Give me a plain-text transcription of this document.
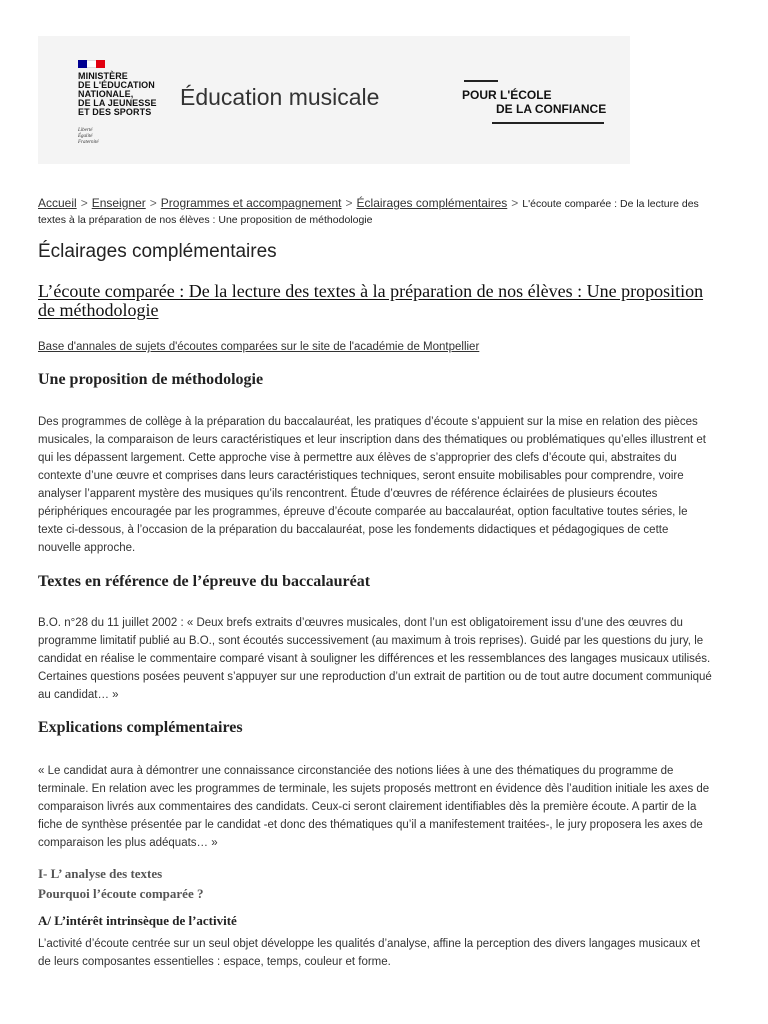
MINISTÈRE
DE L'ÉDUCATION
NATIONALE,
DE LA JEUNESSE
ET DES SPORTS
Liberté
Égalité
Fraternité
Éducation musicale	POUR L'ÉCOLE
DE LA CONFIANCE
Accueil > Enseigner > Programmes et accompagnement > Éclairages complémentaires > L'écoute comparée : De la lecture des textes à la préparation de nos élèves : Une proposition de méthodologie
Éclairages complémentaires
L’écoute comparée : De la lecture des textes à la préparation de nos élèves : Une proposition de méthodologie
Base d'annales de sujets d'écoutes comparées sur le site de l'académie de Montpellier
Une proposition de méthodologie

Des programmes de collège à la préparation du baccalauréat, les pratiques d’écoute s’appuient sur la mise en relation des pièces musicales, la comparaison de leurs caractéristiques et leur inscription dans des thématiques ou problématiques qu’elles illustrent et qui les dépassent largement. Cette approche vise à permettre aux élèves de s’approprier des clefs d’écoute qui, abstraites du contexte d’une œuvre et comprises dans leurs caractéristiques techniques, seront ensuite mobilisables pour comprendre, voire analyser l’apparent mystère des musiques qu’ils rencontrent. Étude d’œuvres de référence éclairées de plusieurs écoutes périphériques encouragée par les programmes, épreuve d’écoute comparée au baccalauréat, option facultative toutes séries, le texte ci-dessous, à l’occasion de la préparation du baccalauréat, pose les fondements didactiques et pédagogiques de cette nouvelle approche.

Textes en référence de l’épreuve du baccalauréat

B.O. n°28 du 11 juillet 2002 : « Deux brefs extraits d’œuvres musicales, dont l’un est obligatoirement issu d’une des œuvres du programme limitatif publié au B.O., sont écoutés successivement (au maximum à trois reprises). Guidé par les questions du jury, le candidat en réalise le commentaire comparé visant à souligner les différences et les ressemblances des langages musicaux utilisés. Certaines questions posées peuvent s’appuyer sur une reproduction d’un extrait de partition ou de tout autre document communiqué au candidat… »

Explications complémentaires

« Le candidat aura à démontrer une connaissance circonstanciée des notions liées à une des thématiques du programme de terminale. En relation avec les programmes de terminale, les sujets proposés mettront en évidence dès l’audition initiale les axes de comparaison livrés aux commentaires des candidats. Ceux-ci seront clairement identifiables dès la première écoute. A partir de la fiche de synthèse présentée par le candidat -et donc des thématiques qu’il a manifestement traitées-, le jury proposera les axes de comparaison les plus adéquats… »

I- L’ analyse des textes
Pourquoi l’écoute comparée ?
A/ L’intérêt intrinsèque de l’activité

L’activité d’écoute centrée sur un seul objet développe les qualités d’analyse, affine la perception des divers langages musicaux et de leurs composantes essentielles : espace, temps, couleur et forme.
